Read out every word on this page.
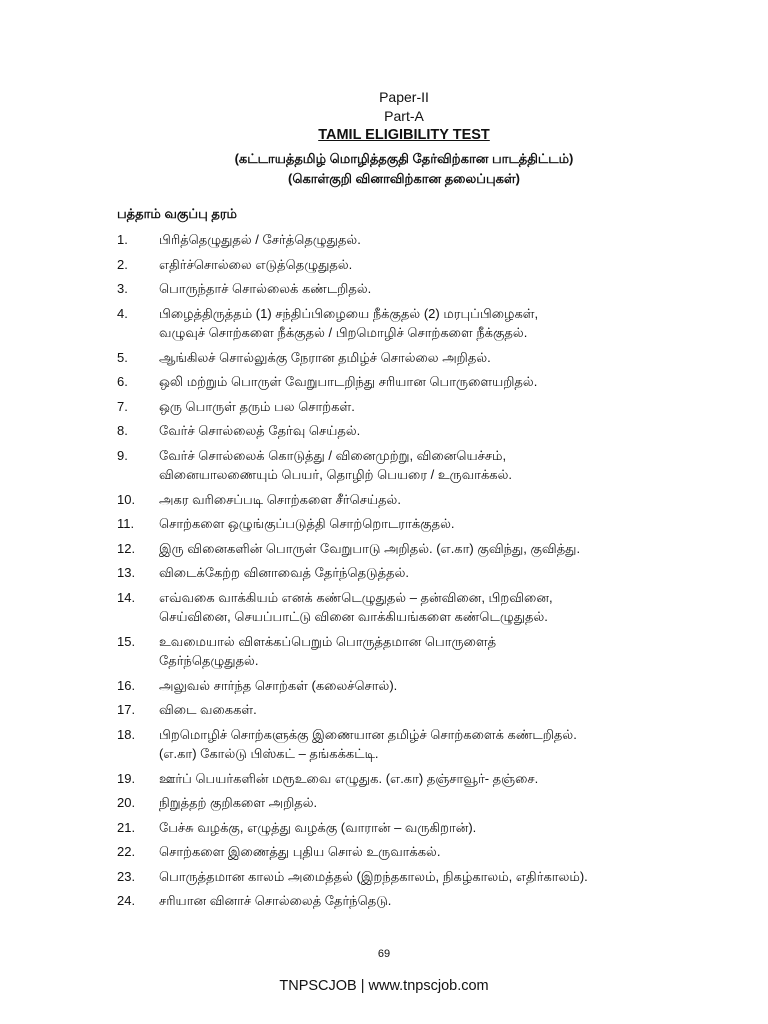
Paper-II
Part-A
TAMIL ELIGIBILITY TEST
(கட்டாயத்தமிழ் மொழித்தகுதி தேர்விற்கான பாடத்திட்டம்)
(கொள்குறி வினாவிற்கான தலைப்புகள்)
பத்தாம் வகுப்பு தரம்
1.	பிரித்தெழுதுதல் / சேர்த்தெழுதுதல்.
2.	எதிர்ச்சொல்லை எடுத்தெழுதுதல்.
3.	பொருந்தாச் சொல்லைக் கண்டறிதல்.
4.	பிழைத்திருத்தம் (1) சந்திப்பிழையை நீக்குதல் (2) மரபுப்பிழைகள்,
வழுவுச் சொற்களை நீக்குதல் / பிறமொழிச் சொற்களை நீக்குதல்.
5.	ஆங்கிலச் சொல்லுக்கு நேரான தமிழ்ச் சொல்லை அறிதல்.
6.	ஒலி மற்றும் பொருள் வேறுபாடறிந்து சரியான பொருளையறிதல்.
7.	ஒரு பொருள் தரும் பல சொற்கள்.
8.	வேர்ச் சொல்லைத் தேர்வு செய்தல்.
9.	வேர்ச் சொல்லைக் கொடுத்து / வினைமுற்று, வினையெச்சம்,
வினையாலணையும் பெயர், தொழிற் பெயரை / உருவாக்கல்.
10.	அகர வரிசைப்படி சொற்களை சீர்செய்தல்.
11.	சொற்களை ஒழுங்குப்படுத்தி சொற்றொடராக்குதல்.
12.	இரு வினைகளின் பொருள் வேறுபாடு அறிதல். (எ.கா) குவிந்து, குவித்து.
13.	விடைக்கேற்ற வினாவைத் தேர்ந்தெடுத்தல்.
14.	எவ்வகை வாக்கியம் எனக் கண்டெழுதுதல் – தன்வினை, பிறவினை,
செய்வினை, செயப்பாட்டு வினை வாக்கியங்களை கண்டெழுதுதல்.
15.	உவமையால் விளக்கப்பெறும் பொருத்தமான பொருளைத்
தேர்ந்தெழுதுதல்.
16.	அலுவல் சார்ந்த சொற்கள் (கலைச்சொல்).
17.	விடை வகைகள்.
18.	பிறமொழிச் சொற்களுக்கு இணையான தமிழ்ச் சொற்களைக் கண்டறிதல்.
(எ.கா) கோல்டு பிஸ்கட் – தங்கக்கட்டி.
19.	ஊர்ப் பெயர்களின் மரூஉவை எழுதுக. (எ.கா) தஞ்சாவூர்- தஞ்சை.
20.	நிறுத்தற் குறிகளை அறிதல்.
21.	பேச்சு வழக்கு, எழுத்து வழக்கு (வாரான் – வருகிறான்).
22.	சொற்களை இணைத்து புதிய சொல் உருவாக்கல்.
23.	பொருத்தமான காலம் அமைத்தல் (இறந்தகாலம், நிகழ்காலம், எதிர்காலம்).
24.	சரியான வினாச் சொல்லைத் தேர்ந்தெடு.
69
TNPSCJOB | www.tnpscjob.com
